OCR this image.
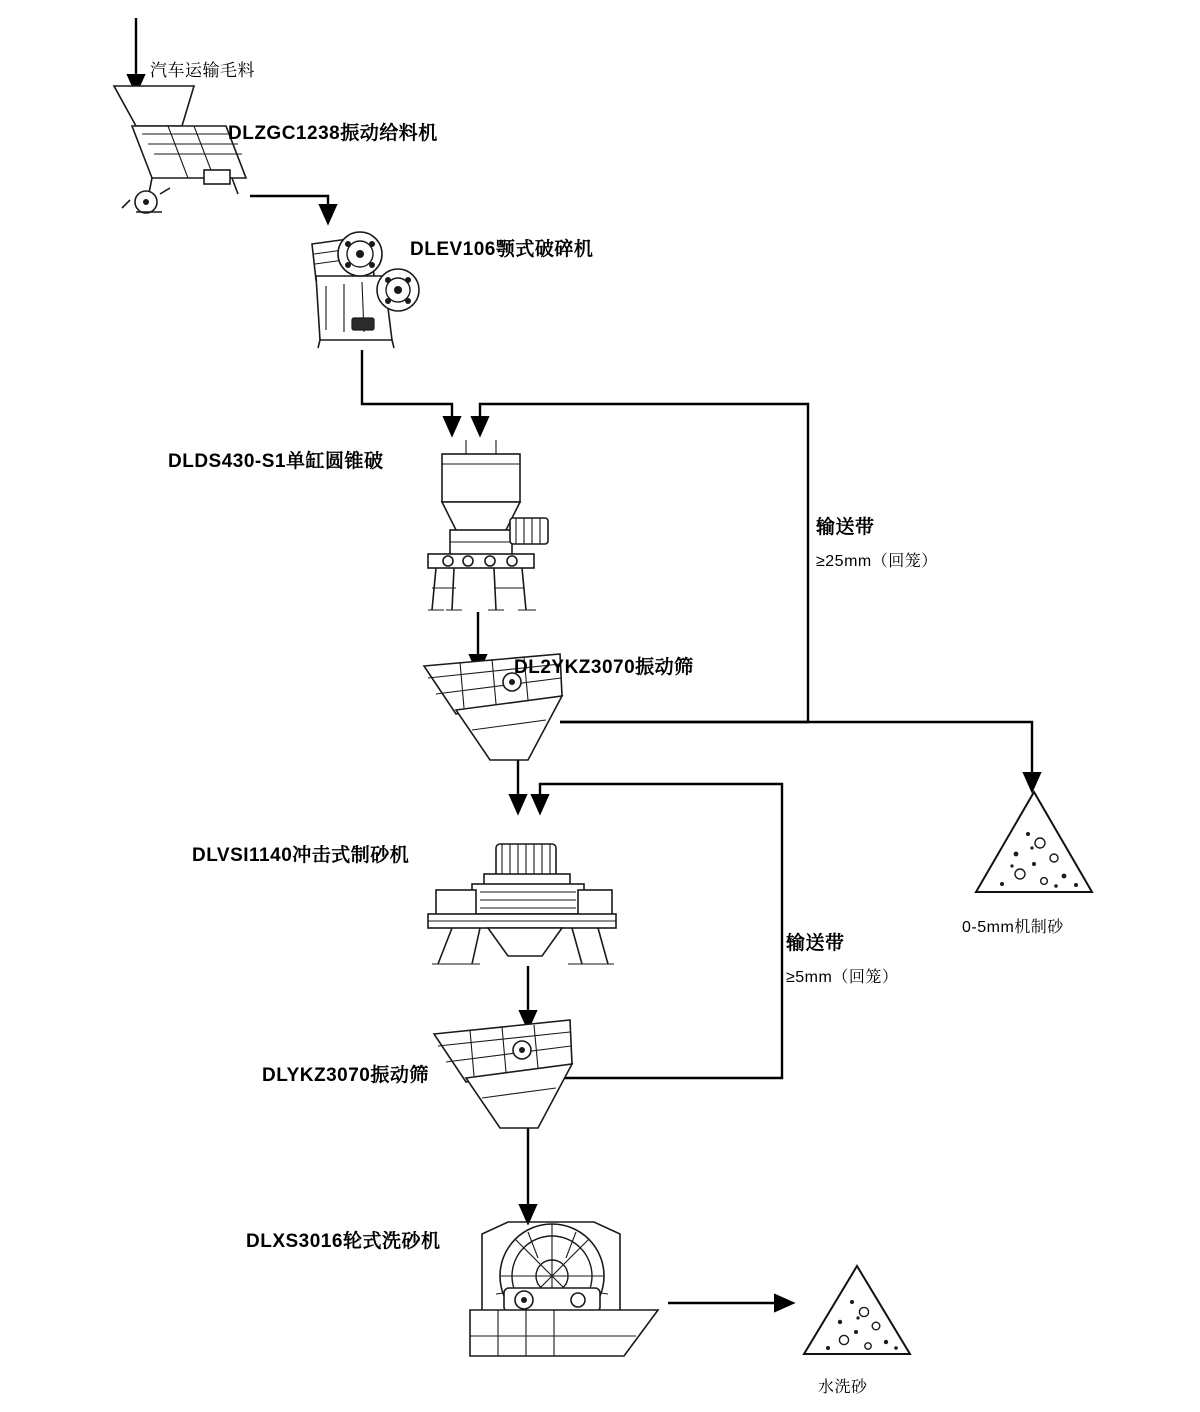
汽车运输毛料
DLZGC1238振动给料机
DLEV106颚式破碎机
DLDS430-S1单缸圆锥破
DL2YKZ3070振动筛
DLVSI1140冲击式制砂机
DLYKZ3070振动筛
DLXS3016轮式洗砂机
输送带
≥25mm（回笼）
输送带
≥5mm（回笼）
0-5mm机制砂
水洗砂
